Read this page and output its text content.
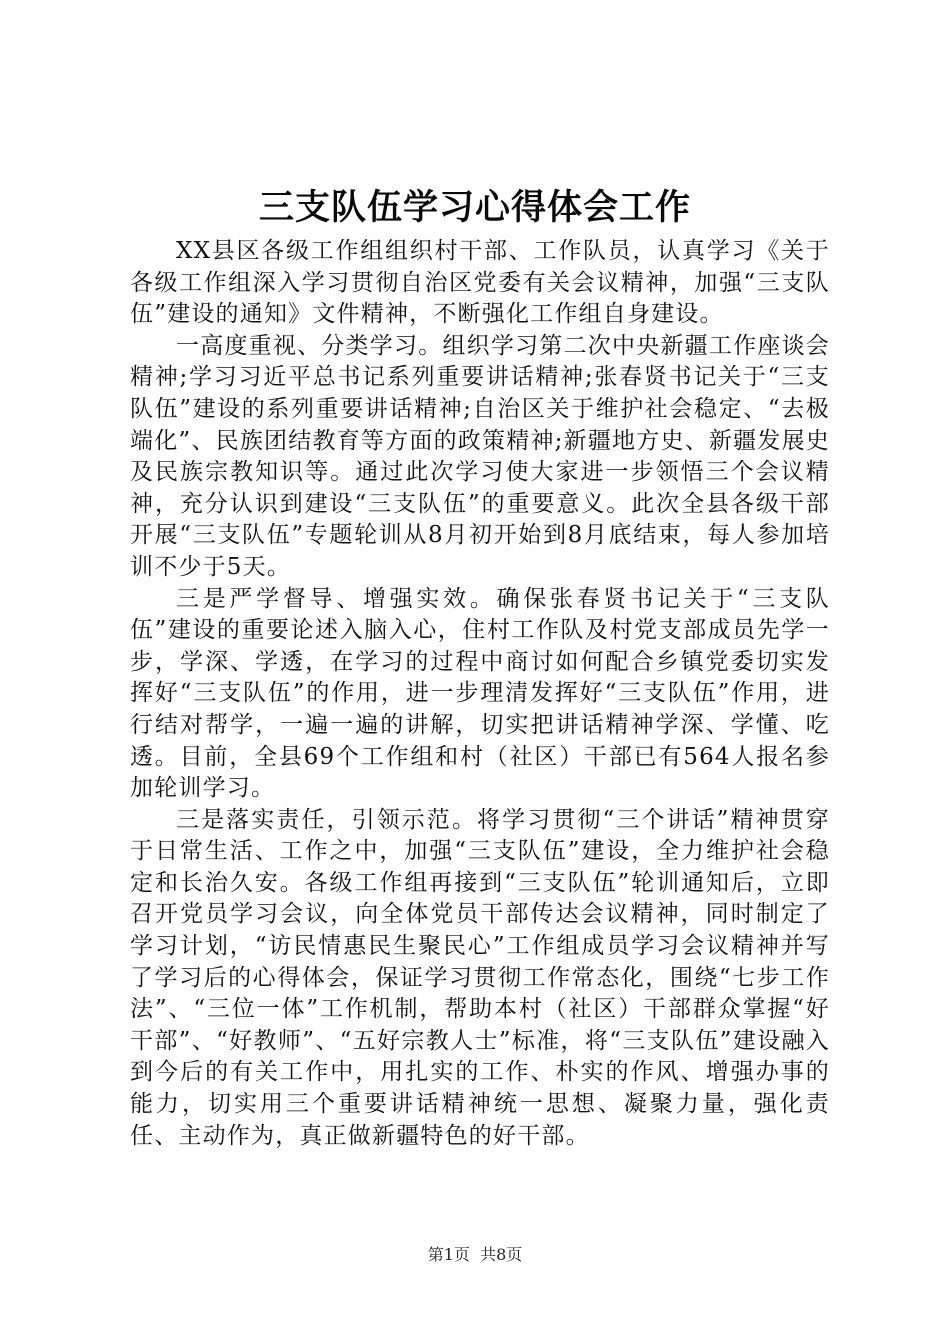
三支队伍学习心得体会工作

XX县区各级工作组组织村干部、工作队员，认真学习《关于各级工作组深入学习贯彻自治区党委有关会议精神，加强“三支队伍”建设的通知》文件精神，不断强化工作组自身建设。

一高度重视、分类学习。组织学习第二次中央新疆工作座谈会精神;学习习近平总书记系列重要讲话精神;张春贤书记关于“三支队伍”建设的系列重要讲话精神;自治区关于维护社会稳定、“去极端化”、民族团结教育等方面的政策精神;新疆地方史、新疆发展史及民族宗教知识等。通过此次学习使大家进一步领悟三个会议精神，充分认识到建设“三支队伍”的重要意义。此次全县各级干部开展“三支队伍”专题轮训从8月初开始到8月底结束，每人参加培训不少于5天。

三是严学督导、增强实效。确保张春贤书记关于“三支队伍”建设的重要论述入脑入心，住村工作队及村党支部成员先学一步，学深、学透，在学习的过程中商讨如何配合乡镇党委切实发挥好“三支队伍”的作用，进一步理清发挥好“三支队伍”作用，进行结对帮学，一遍一遍的讲解，切实把讲话精神学深、学懂、吃透。目前，全县69个工作组和村（社区）干部已有564人报名参加轮训学习。

三是落实责任，引领示范。将学习贯彻“三个讲话”精神贯穿于日常生活、工作之中，加强“三支队伍”建设，全力维护社会稳定和长治久安。各级工作组再接到“三支队伍”轮训通知后，立即召开党员学习会议，向全体党员干部传达会议精神，同时制定了学习计划，“访民情惠民生聚民心”工作组成员学习会议精神并写了学习后的心得体会，保证学习贯彻工作常态化，围绕“七步工作法”、“三位一体”工作机制，帮助本村（社区）干部群众掌握“好干部”、“好教师”、“五好宗教人士”标准，将“三支队伍”建设融入到今后的有关工作中，用扎实的工作、朴实的作风、增强办事的能力，切实用三个重要讲话精神统一思想、凝聚力量，强化责任、主动作为，真正做新疆特色的好干部。

第1页 共8页
